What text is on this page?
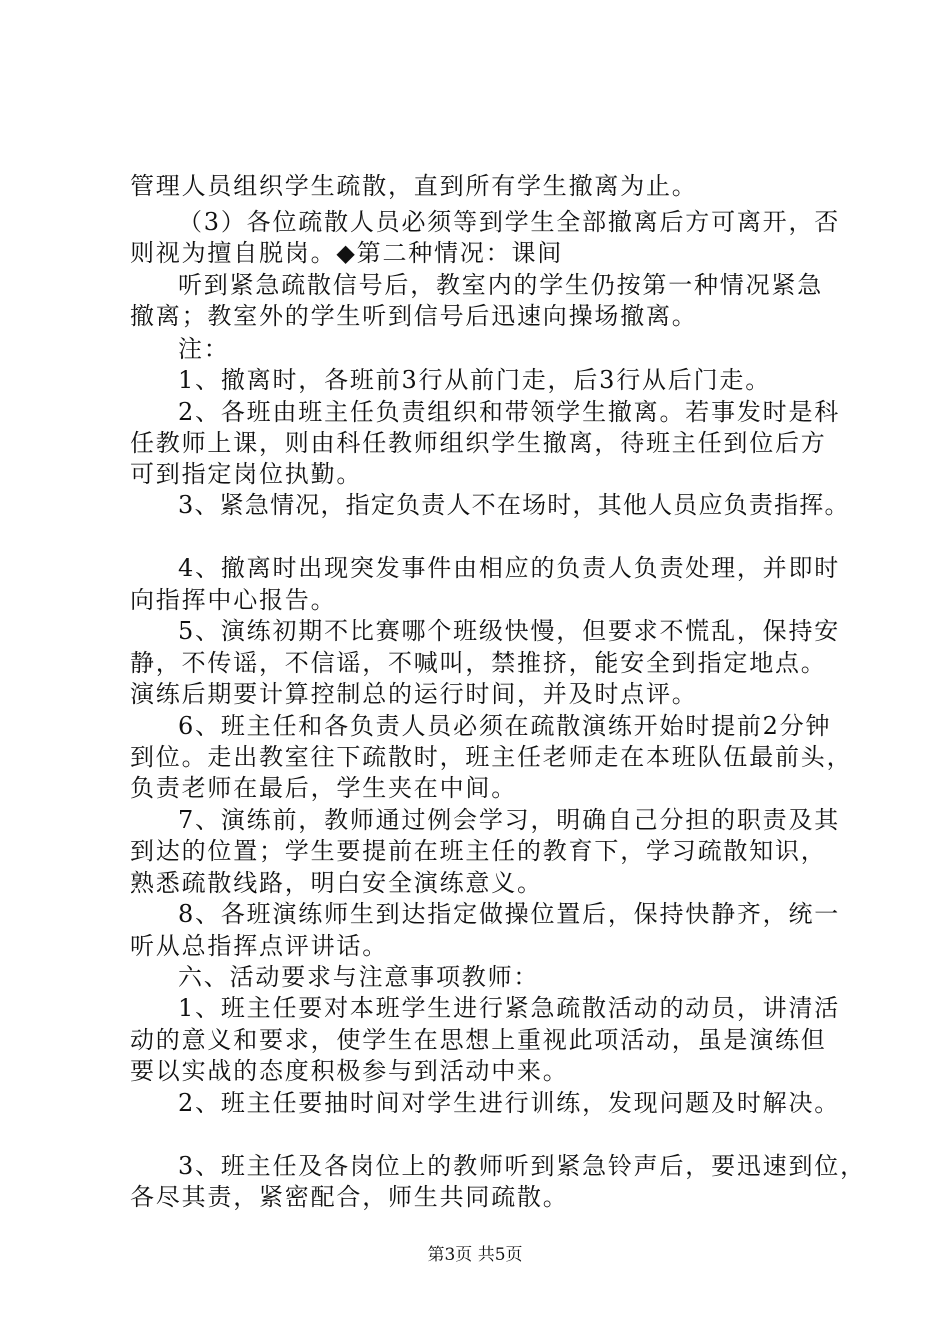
管理人员组织学生疏散，直到所有学生撤离为止。
（3）各位疏散人员必须等到学生全部撤离后方可离开，否
则视为擅自脱岗。◆第二种情况：课间
听到紧急疏散信号后，教室内的学生仍按第一种情况紧急
撤离；教室外的学生听到信号后迅速向操场撤离。
注：
1、撤离时，各班前3行从前门走，后3行从后门走。
2、各班由班主任负责组织和带领学生撤离。若事发时是科
任教师上课，则由科任教师组织学生撤离，待班主任到位后方
可到指定岗位执勤。
3、紧急情况，指定负责人不在场时，其他人员应负责指挥。
4、撤离时出现突发事件由相应的负责人负责处理，并即时
向指挥中心报告。
5、演练初期不比赛哪个班级快慢，但要求不慌乱，保持安
静，不传谣，不信谣，不喊叫，禁推挤，能安全到指定地点。
演练后期要计算控制总的运行时间，并及时点评。
6、班主任和各负责人员必须在疏散演练开始时提前2分钟
到位。走出教室往下疏散时，班主任老师走在本班队伍最前头，
负责老师在最后，学生夹在中间。
7、演练前，教师通过例会学习，明确自己分担的职责及其
到达的位置；学生要提前在班主任的教育下，学习疏散知识，
熟悉疏散线路，明白安全演练意义。
8、各班演练师生到达指定做操位置后，保持快静齐，统一
听从总指挥点评讲话。
六、活动要求与注意事项教师：
1、班主任要对本班学生进行紧急疏散活动的动员，讲清活
动的意义和要求，使学生在思想上重视此项活动，虽是演练但
要以实战的态度积极参与到活动中来。
2、班主任要抽时间对学生进行训练，发现问题及时解决。
3、班主任及各岗位上的教师听到紧急铃声后，要迅速到位，
各尽其责，紧密配合，师生共同疏散。
第3页 共5页
